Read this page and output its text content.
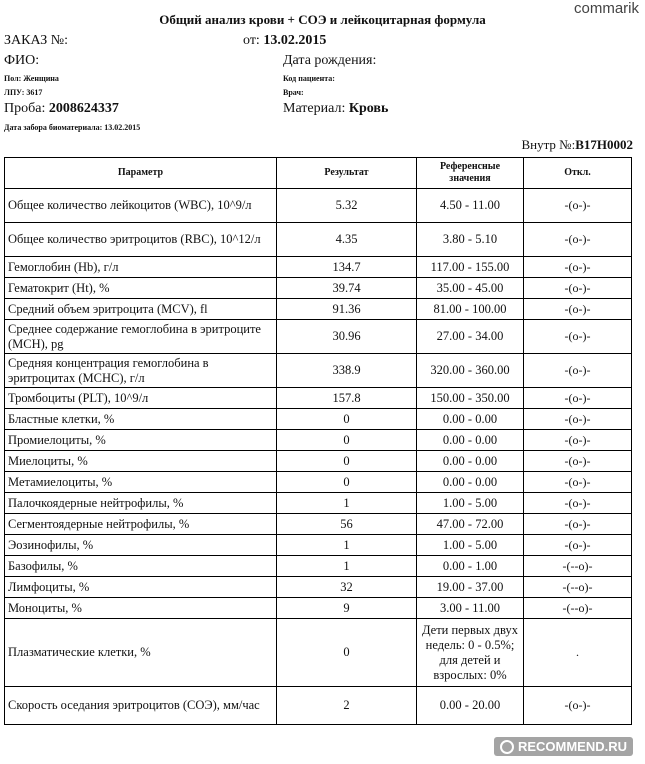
commarik
Общий анализ крови + СОЭ и лейкоцитарная формула
ЗАКАЗ №:	от: 13.02.2015
ФИО:	Дата рождения:
Пол: Женщина	Код пациента:
ЛПУ: 3617	Врач:
Проба: 2008624337	Материал: Кровь
Дата забора биоматериала: 13.02.2015
Внутр №:B17H0002
Параметр	Результат	Референсные значения	Откл.
Общее количество лейкоцитов (WBC), 10^9/л	5.32	4.50 - 11.00	-(o-)-
Общее количество эритроцитов (RBC), 10^12/л	4.35	3.80 - 5.10	-(o-)-
Гемоглобин (Hb), г/л	134.7	117.00 - 155.00	-(o-)-
Гематокрит (Ht), %	39.74	35.00 - 45.00	-(o-)-
Средний объем эритроцита (MCV), fl	91.36	81.00 - 100.00	-(o-)-
Среднее содержание гемоглобина в эритроците (MCH), pg	30.96	27.00 - 34.00	-(o-)-
Средняя концентрация гемоглобина в эритроцитах (MCHC), г/л	338.9	320.00 - 360.00	-(o-)-
Тромбоциты (PLT), 10^9/л	157.8	150.00 - 350.00	-(o-)-
Бластные клетки, %	0	0.00 - 0.00	-(o-)-
Промиелоциты, %	0	0.00 - 0.00	-(o-)-
Миелоциты, %	0	0.00 - 0.00	-(o-)-
Метамиелоциты, %	0	0.00 - 0.00	-(o-)-
Палочкоядерные нейтрофилы, %	1	1.00 - 5.00	-(o-)-
Сегментоядерные нейтрофилы, %	56	47.00 - 72.00	-(o-)-
Эозинофилы, %	1	1.00 - 5.00	-(o-)-
Базофилы, %	1	0.00 - 1.00	-(--o)-
Лимфоциты, %	32	19.00 - 37.00	-(--o)-
Моноциты, %	9	3.00 - 11.00	-(--o)-
Плазматические клетки, %	0	Дети первых двух недель: 0 - 0.5%; для детей и взрослых: 0%	.
Скорость оседания эритроцитов (СОЭ), мм/час	2	0.00 - 20.00	-(o-)-
RECOMMEND.RU
